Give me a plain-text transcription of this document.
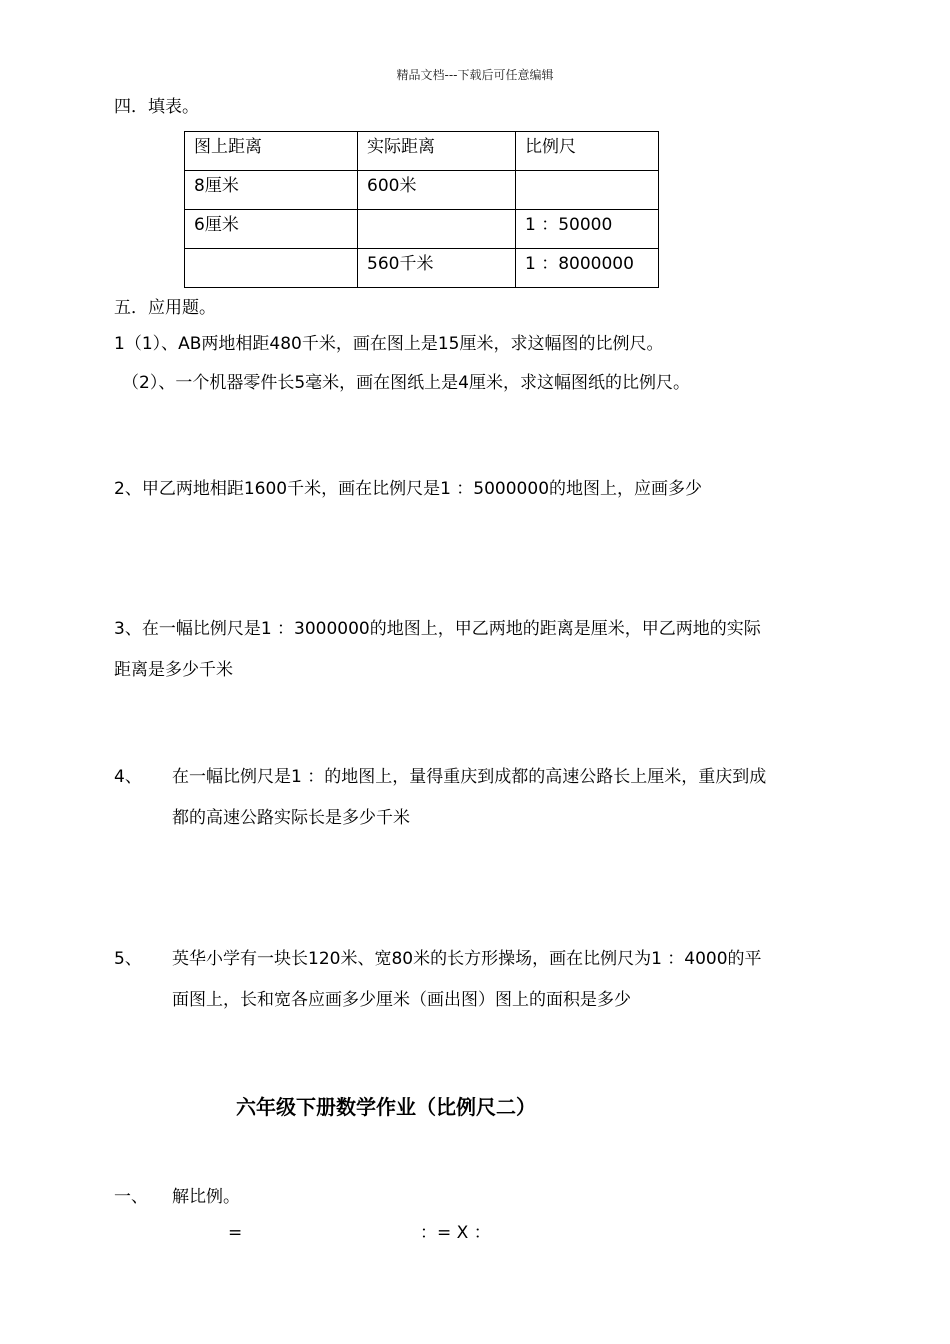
精品文档---下载后可任意编辑
四．填表。
图上距离	实际距离	比例尺
8厘米	600米	
6厘米		1 ：50000
	560千米	1 ：8000000
五．应用题。
1（1）、AB两地相距480千米，画在图上是15厘米，求这幅图的比例尺。
（2）、一个机器零件长5毫米，画在图纸上是4厘米，求这幅图纸的比例尺。
2、甲乙两地相距1600千米，画在比例尺是1 ：5000000的地图上，应画多少
3、在一幅比例尺是1 ：3000000的地图上，甲乙两地的距离是厘米，甲乙两地的实际
距离是多少千米
4、 在一幅比例尺是1 ：的地图上，量得重庆到成都的高速公路长上厘米，重庆到成
都的高速公路实际长是多少千米
5、 英华小学有一块长120米、宽80米的长方形操场，画在比例尺为1 ：4000的平
面图上，长和宽各应画多少厘米（画出图）图上的面积是多少
六年级下册数学作业（比例尺二）
一、 解比例。
=	：= X ：
